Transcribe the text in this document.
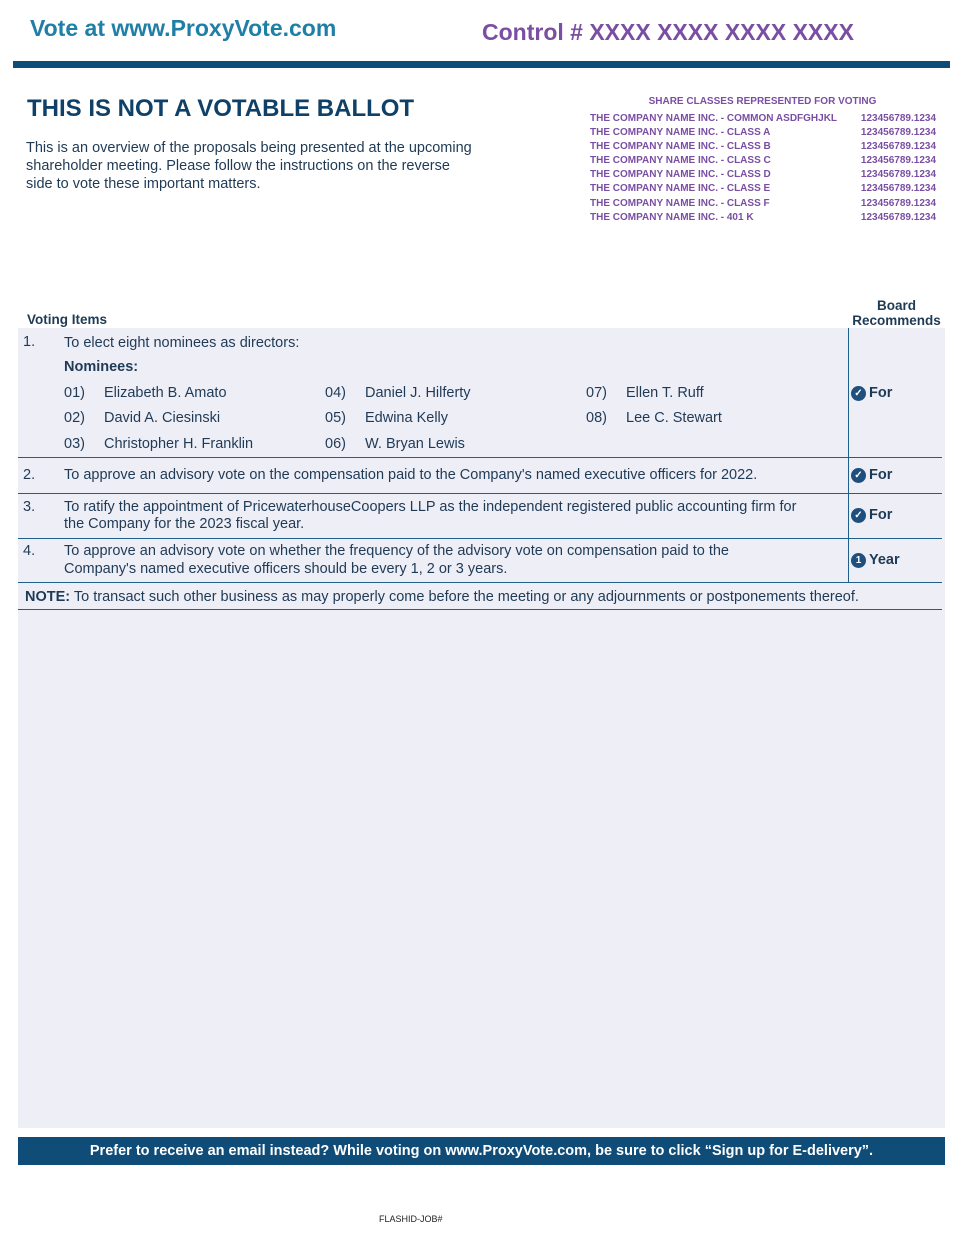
Vote at www.ProxyVote.com	Control # XXXX XXXX XXXX XXXX
THIS IS NOT A VOTABLE BALLOT
This is an overview of the proposals being presented at the upcoming shareholder meeting. Please follow the instructions on the reverse side to vote these important matters.
SHARE CLASSES REPRESENTED FOR VOTING
THE COMPANY NAME INC. - COMMON ASDFGHJKL 123456789.1234
THE COMPANY NAME INC. - CLASS A	123456789.1234
THE COMPANY NAME INC. - CLASS B	123456789.1234
THE COMPANY NAME INC. - CLASS C	123456789.1234
THE COMPANY NAME INC. - CLASS D	123456789.1234
THE COMPANY NAME INC. - CLASS E	123456789.1234
THE COMPANY NAME INC. - CLASS F	123456789.1234
THE COMPANY NAME INC. - 401 K	123456789.1234
Voting Items
Board
Recommends
1. To elect eight nominees as directors:
Nominees:
01) Elizabeth B. Amato
02) David A. Ciesinski
03) Christopher H. Franklin
04) Daniel J. Hilferty
05) Edwina Kelly
06) W. Bryan Lewis
07) Ellen T. Ruff
08) Lee C. Stewart
✓ For
2. To approve an advisory vote on the compensation paid to the Company's named executive officers for 2022.	✓ For
3. To ratify the appointment of PricewaterhouseCoopers LLP as the independent registered public accounting firm for
the Company for the 2023 fiscal year.
✓ For
4. To approve an advisory vote on whether the frequency of the advisory vote on compensation paid to the
Company's named executive officers should be every 1, 2 or 3 years.
1 Year
NOTE: To transact such other business as may properly come before the meeting or any adjournments or postponements thereof.
Prefer to receive an email instead? While voting on www.ProxyVote.com, be sure to click “Sign up for E-delivery”.
FLASHID-JOB#
